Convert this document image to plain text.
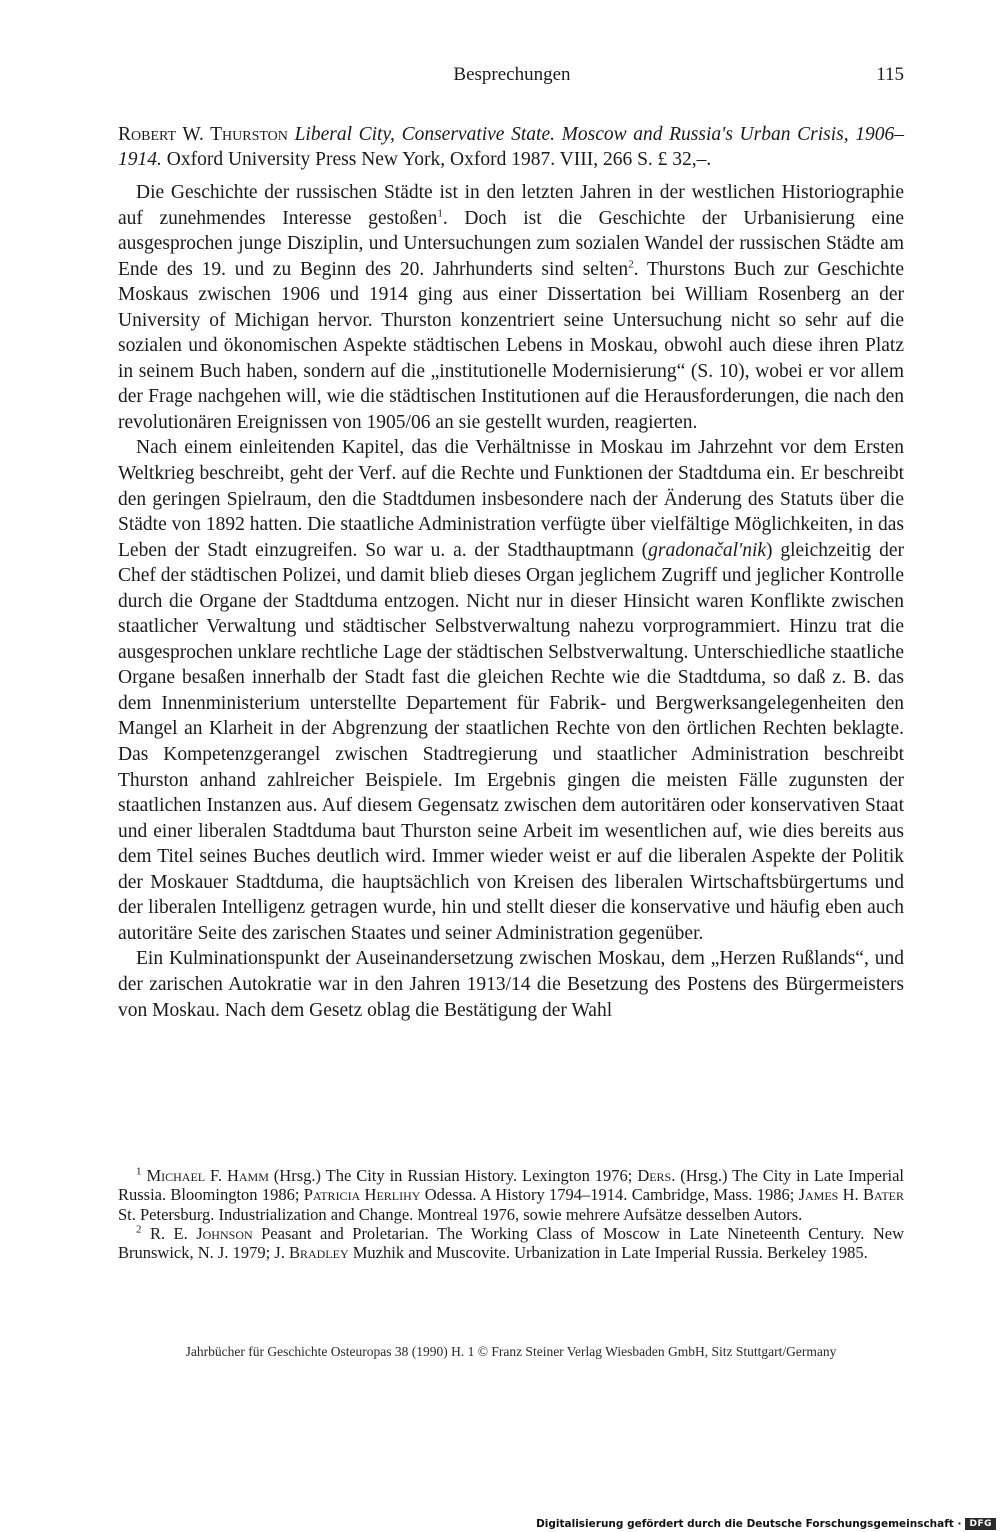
Besprechungen	115
Robert W. Thurston Liberal City, Conservative State. Moscow and Russia's Urban Crisis, 1906–1914. Oxford University Press New York, Oxford 1987. VIII, 266 S. £ 32,–.

Die Geschichte der russischen Städte ist in den letzten Jahren in der westlichen Historiographie auf zunehmendes Interesse gestoßen$^1$. Doch ist die Geschichte der Urbanisierung eine ausgesprochen junge Disziplin, und Untersuchungen zum sozialen Wandel der russischen Städte am Ende des 19. und zu Beginn des 20. Jahrhunderts sind selten$^2$. Thurstons Buch zur Geschichte Moskaus zwischen 1906 und 1914 ging aus einer Dissertation bei William Rosenberg an der University of Michigan hervor. Thurston konzentriert seine Untersuchung nicht so sehr auf die sozialen und ökonomischen Aspekte städtischen Lebens in Moskau, obwohl auch diese ihren Platz in seinem Buch haben, sondern auf die „institutionelle Modernisierung“ (S. 10), wobei er vor allem der Frage nachgehen will, wie die städtischen Institutionen auf die Herausforderungen, die nach den revolutionären Ereignissen von 1905/06 an sie gestellt wurden, reagierten.

Nach einem einleitenden Kapitel, das die Verhältnisse in Moskau im Jahrzehnt vor dem Ersten Weltkrieg beschreibt, geht der Verf. auf die Rechte und Funktionen der Stadtduma ein. Er beschreibt den geringen Spielraum, den die Stadtdumen insbesondere nach der Änderung des Statuts über die Städte von 1892 hatten. Die staatliche Administration verfügte über vielfältige Möglichkeiten, in das Leben der Stadt einzugreifen. So war u. a. der Stadthauptmann (gradonačal'nik) gleichzeitig der Chef der städtischen Polizei, und damit blieb dieses Organ jeglichem Zugriff und jeglicher Kontrolle durch die Organe der Stadtduma entzogen. Nicht nur in dieser Hinsicht waren Konflikte zwischen staatlicher Verwaltung und städtischer Selbstverwaltung nahezu vorprogrammiert. Hinzu trat die ausgesprochen unklare rechtliche Lage der städtischen Selbstverwaltung. Unterschiedliche staatliche Organe besaßen innerhalb der Stadt fast die gleichen Rechte wie die Stadtduma, so daß z. B. das dem Innenministerium unterstellte Departement für Fabrik- und Bergwerksangelegenheiten den Mangel an Klarheit in der Abgrenzung der staatlichen Rechte von den örtlichen Rechten beklagte. Das Kompetenzgerangel zwischen Stadtregierung und staatlicher Administration beschreibt Thurston anhand zahlreicher Beispiele. Im Ergebnis gingen die meisten Fälle zugunsten der staatlichen Instanzen aus. Auf diesem Gegensatz zwischen dem autoritären oder konservativen Staat und einer liberalen Stadtduma baut Thurston seine Arbeit im wesentlichen auf, wie dies bereits aus dem Titel seines Buches deutlich wird. Immer wieder weist er auf die liberalen Aspekte der Politik der Moskauer Stadtduma, die hauptsächlich von Kreisen des liberalen Wirtschaftsbürgertums und der liberalen Intelligenz getragen wurde, hin und stellt dieser die konservative und häufig eben auch autoritäre Seite des zarischen Staates und seiner Administration gegenüber.

Ein Kulminationspunkt der Auseinandersetzung zwischen Moskau, dem „Herzen Rußlands“, und der zarischen Autokratie war in den Jahren 1913/14 die Besetzung des Postens des Bürgermeisters von Moskau. Nach dem Gesetz oblag die Bestätigung der Wahl

$^1$ Michael F. Hamm (Hrsg.) The City in Russian History. Lexington 1976; Ders. (Hrsg.) The City in Late Imperial Russia. Bloomington 1986; Patricia Herlihy Odessa. A History 1794–1914. Cambridge, Mass. 1986; James H. Bater St. Petersburg. Industrialization and Change. Montreal 1976, sowie mehrere Aufsätze desselben Autors.

$^2$ R. E. Johnson Peasant and Proletarian. The Working Class of Moscow in Late Nineteenth Century. New Brunswick, N. J. 1979; J. Bradley Muzhik and Muscovite. Urbanization in Late Imperial Russia. Berkeley 1985.

Jahrbücher für Geschichte Osteuropas 38 (1990) H. 1 © Franz Steiner Verlag Wiesbaden GmbH, Sitz Stuttgart/Germany
Digitalisierung gefördert durch die Deutsche Forschungsgemeinschaft · DFG
